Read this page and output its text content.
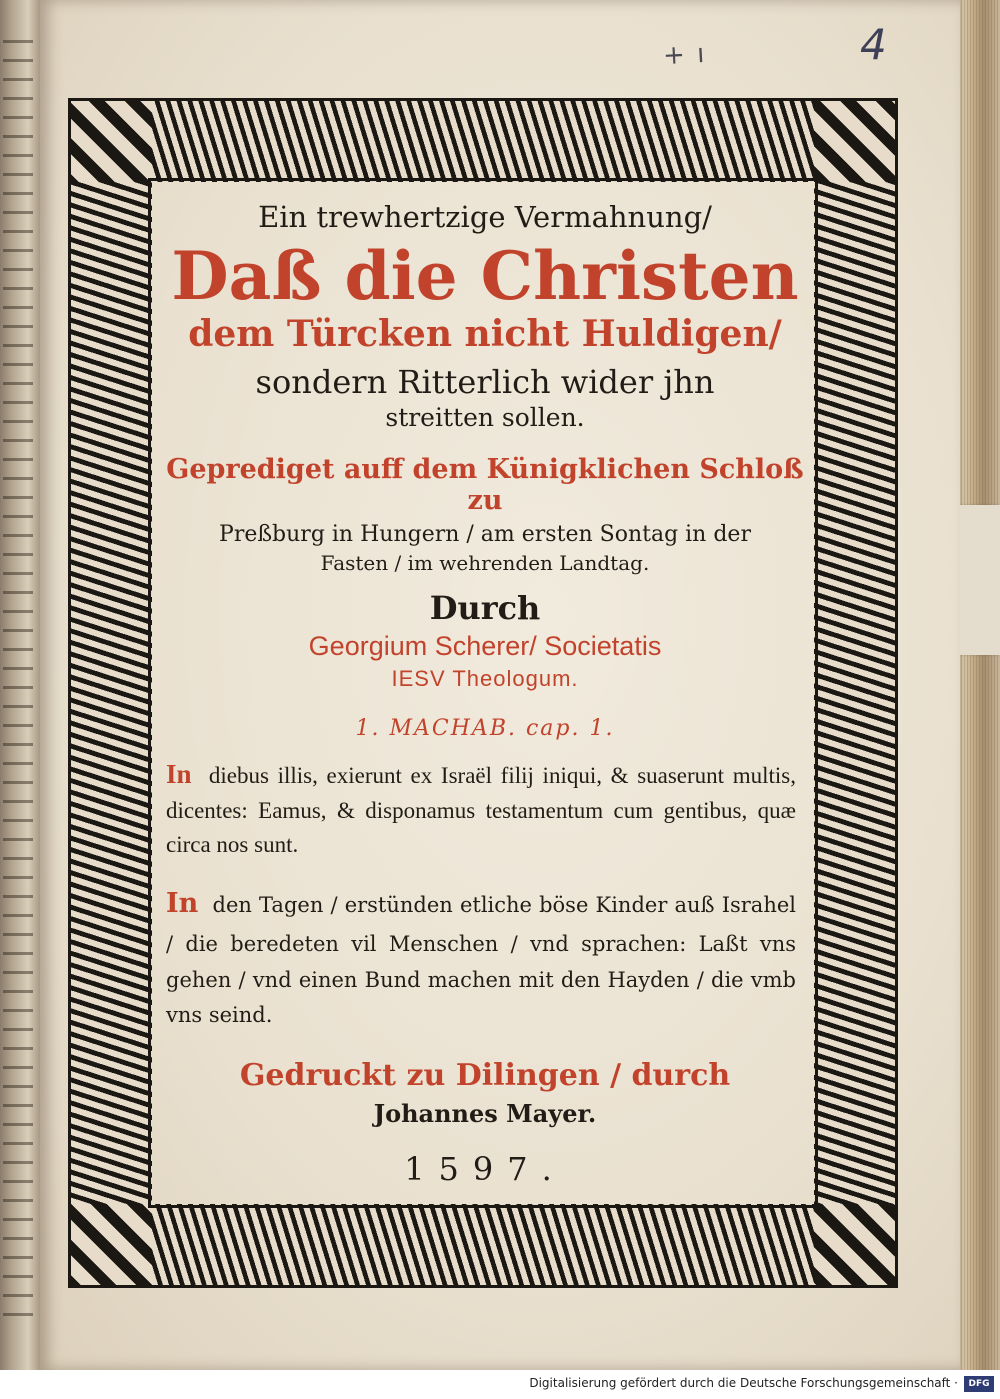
+ ı	4

Ein trewhertzige Vermahnung/

Daß die Christen

dem Türcken nicht Huldigen/

sondern Ritterlich wider jhn

streitten sollen.

Geprediget auff dem Künigklichen Schloß zu

Preßburg in Hungern / am ersten Sontag in der

Fasten / im wehrenden Landtag.

Durch

Georgium Scherer/ Societatis

IESV Theologum.

1. MACHAB. cap. 1.

In diebus illis, exierunt ex Israël filij iniqui, & suaserunt multis, dicentes: Eamus, & disponamus testamentum cum gentibus, quæ circa nos sunt.

In den Tagen / erstünden etliche böse Kinder auß Israhel / die beredeten vil Menschen / vnd sprachen: Laßt vns gehen / vnd einen Bund machen mit den Hayden / die vmb vns seind.

Gedruckt zu Dilingen / durch

Johannes Mayer.

1597.

Digitalisierung gefördert durch die Deutsche Forschungsgemeinschaft ·	DFG
